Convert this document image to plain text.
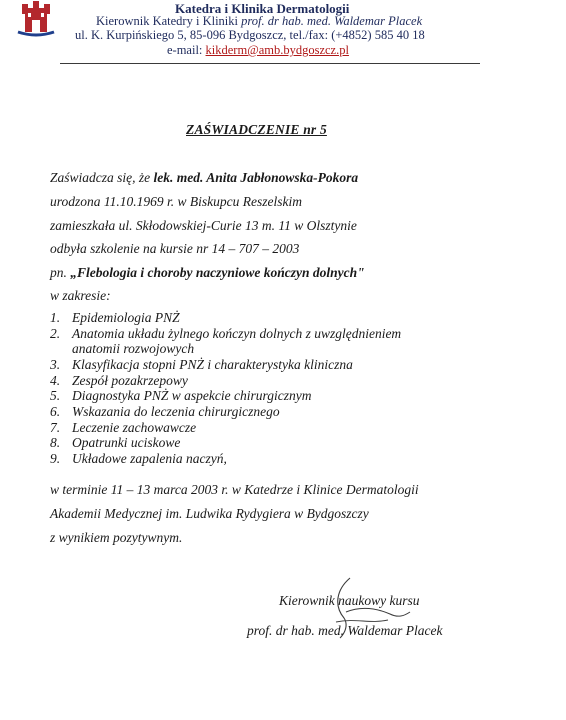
Katedra i Klinika Dermatologii
Kierownik Katedry i Kliniki prof. dr hab. med. Waldemar Placek
ul. K. Kurpińskiego 5, 85-096 Bydgoszcz, tel./fax: (+4852) 585 40 18
e-mail: kikderm@amb.bydgoszcz.pl
ZAŚWIADCZENIE nr 5
Zaświadcza się, że lek. med. Anita Jabłonowska-Pokora
urodzona 11.10.1969 r. w Biskupcu Reszelskim
zamieszkała ul. Skłodowskiej-Curie 13 m. 11 w Olsztynie
odbyła szkolenie na kursie nr 14 – 707 – 2003
pn. „Flebologia i choroby naczyniowe kończyn dolnych"
w zakresie:
1. Epidemiologia PNŻ
2. Anatomia układu żylnego kończyn dolnych z uwzględnieniem
anatomii rozwojowych
3. Klasyfikacja stopni PNŻ i charakterystyka kliniczna
4. Zespół pozakrzepowy
5. Diagnostyka PNŻ w aspekcie chirurgicznym
6. Wskazania do leczenia chirurgicznego
7. Leczenie zachowawcze
8. Opatrunki uciskowe
9. Układowe zapalenia naczyń,
w terminie 11 – 13 marca 2003 r. w Katedrze i Klinice Dermatologii
Akademii Medycznej im. Ludwika Rydygiera w Bydgoszczy
z wynikiem pozytywnym.
Kierownik naukowy kursu
prof. dr hab. med. Waldemar Placek
